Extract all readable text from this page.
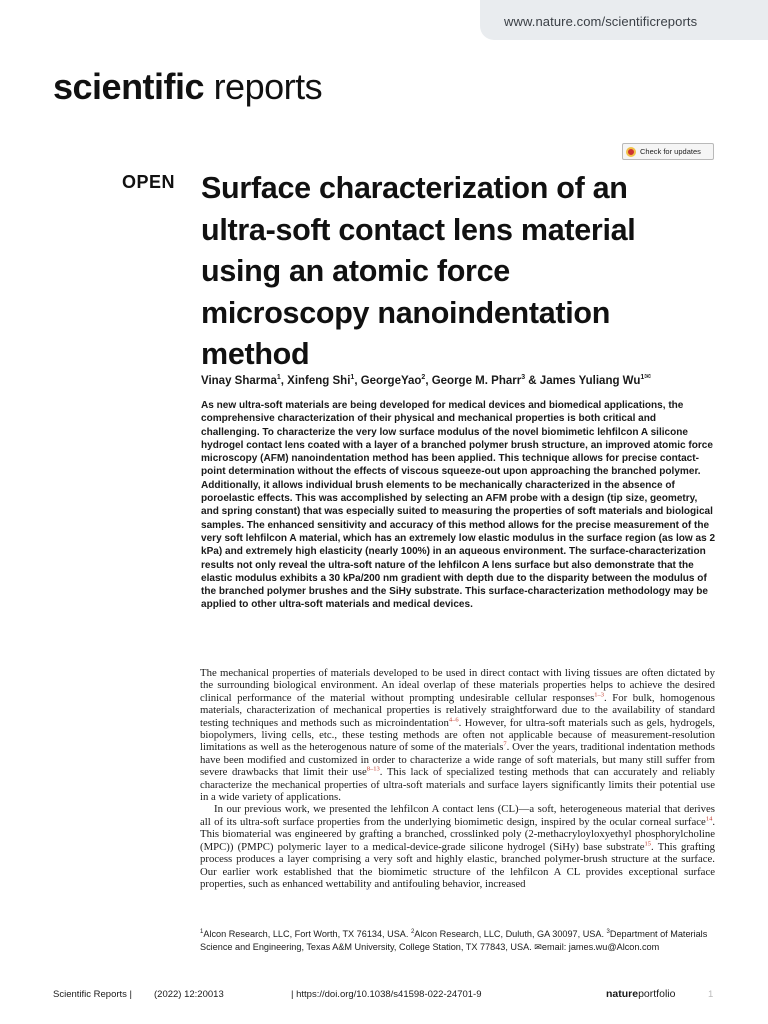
www.nature.com/scientificreports
scientific reports
Check for updates
OPEN Surface characterization of an ultra-soft contact lens material using an atomic force microscopy nanoindentation method
Vinay Sharma$^1$, Xinfeng Shi$^1$, GeorgeYao$^2$, George M. Pharr$^3$ & James Yuliang $Wu^{1✉}$
As new ultra-soft materials are being developed for medical devices and biomedical applications, the comprehensive characterization of their physical and mechanical properties is both critical and challenging. To characterize the very low surface modulus of the novel biomimetic lehfilcon A silicone hydrogel contact lens coated with a layer of a branched polymer brush structure, an improved atomic force microscopy (AFM) nanoindentation method has been applied. This technique allows for precise contact-point determination without the effects of viscous squeeze-out upon approaching the branched polymer. Additionally, it allows individual brush elements to be mechanically characterized in the absence of poroelastic effects. This was accomplished by selecting an AFM probe with a design (tip size, geometry, and spring constant) that was especially suited to measuring the properties of soft materials and biological samples. The enhanced sensitivity and accuracy of this method allows for the precise measurement of the very soft lehfilcon A material, which has an extremely low elastic modulus in the surface region (as low as 2 kPa) and extremely high elasticity (nearly 100%) in an aqueous environment. The surface-characterization results not only reveal the ultra-soft nature of the lehfilcon A lens surface but also demonstrate that the elastic modulus exhibits a 30 kPa/200 nm gradient with depth due to the disparity between the modulus of the branched polymer brushes and the SiHy substrate. This surface-characterization methodology may be applied to other ultra-soft materials and medical devices.

The mechanical properties of materials developed to be used in direct contact with living tissues are often dictated by the surrounding biological environment. An ideal overlap of these materials properties helps to achieve the desired clinical performance of the material without prompting undesirable cellular responses$^{1-3}$. For bulk, homogenous materials, characterization of mechanical properties is relatively straightforward due to the availability of standard testing techniques and methods such as microindentation$^{4-6}$. However, for ultra-soft materials such as gels, hydrogels, biopolymers, living cells, etc., these testing methods are often not applicable because of measurement-resolution limitations as well as the heterogenous nature of some of the materials$^7$. Over the years, traditional indentation methods have been modified and customized in order to characterize a wide range of soft materials, but many still suffer from severe drawbacks that limit their use$^{8-13}$. This lack of specialized testing methods that can accurately and reliably characterize the mechanical properties of ultra-soft materials and surface layers significantly limits their potential use in a wide variety of applications.

In our previous work, we presented the lehfilcon A contact lens (CL)—a soft, heterogeneous material that derives all of its ultra-soft surface properties from the underlying biomimetic design, inspired by the ocular corneal surface$^{14}$. This biomaterial was engineered by grafting a branched, crosslinked poly (2-methacryloyloxyethyl phosphorylcholine (MPC)) (PMPC) polymeric layer to a medical-device-grade silicone hydrogel (SiHy) base substrate$^{15}$. This grafting process produces a layer comprising a very soft and highly elastic, branched polymer-brush structure at the surface. Our earlier work established that the biomimetic structure of the lehfilcon A CL provides exceptional surface properties, such as enhanced wettability and antifouling behavior, increased

$^1$Alcon Research, LLC, Fort Worth, TX 76134, USA. $^2$Alcon Research, LLC, Duluth, GA 30097, USA. $^3$Department of Materials Science and Engineering, Texas A&M University, College Station, TX 77843, USA. ✉email: james.wu@Alcon.com
Scientific Reports | (2022) 12:20013	| https://doi.org/10.1038/s41598-022-24701-9	natureportfolio	1
